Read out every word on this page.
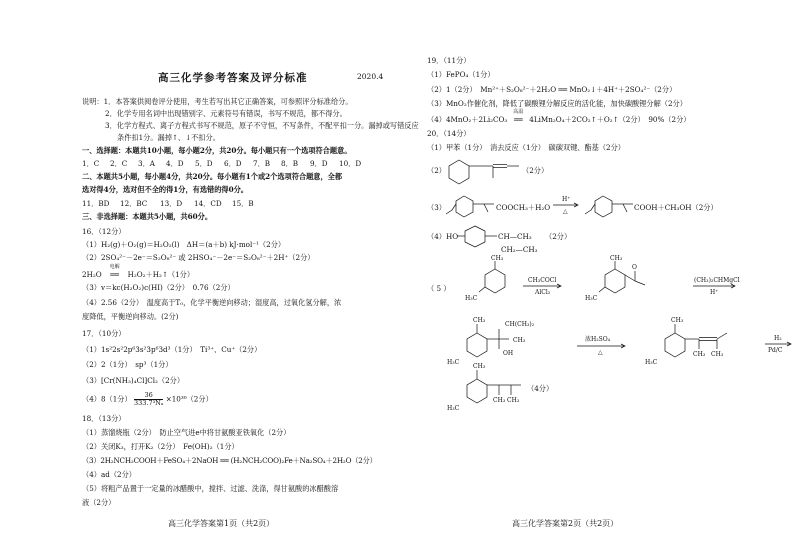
高三化学参考答案及评分标准	2020.4
说明：1．本答案供阅卷评分使用，考生若写出其它正确答案，可参照评分标准给分。
2．化学专用名词中出现错别字、元素符号有错误，书写不规范，都不得分。
3．化学方程式、离子方程式书写不规范，原子不守恒，不写条件，不配平扣一分。漏掉或写错反应
条件扣1分。漏掉↑、↓不扣分。
一、选择题：本题共10小题，每小题2分，共20分。每小题只有一个选项符合题意。
1．C 2．C 3．A 4．D 5．D 6．D 7．B 8．B 9．D 10．D
二、本题共5小题，每小题4分，共20分。每小题有1个或2个选项符合题意，全都
选对得4分，选对但不全的得1分，有选错的得0分。
11．BD 12．BC 13．D 14．CD 15．B
三、非选择题：本题共5小题，共60分。
16．（12分）
（1）H₂(g)＋O₂(g)＝H₂O₂(l)　ΔH＝(a＋b) kJ·mol⁻¹（2分）
（2）2SO₄²⁻－2e⁻＝S₂O₈²⁻ 或 2HSO₄⁻－2e⁻＝S₂O₈²⁻＋2H⁺（2分）
2H₂O
电解
══ H₂O₂＋H₂↑（1分）
（3）v＝kc(H₂O₂)c(HI)（2分）　0.76（2分）
（4）2.56（2分）　温度高于T₀，化学平衡逆向移动；湿度高，过氧化氢分解，浓
度降低，平衡逆向移动。(2分)
17．（10分）
（1）1s²2s²2p⁶3s²3p⁶3d³（1分）　Ti³⁺、Cu⁺（2分）
（2）2（1分）　sp³（1分）
（3）[Cr(NH₃)₄Cl]Cl₂（2分）
（4）8（1分） $\frac{36}{\text{333.7³Nₐ}} \times 10^{30}(2$分）
18．（13分）
（1）蒸馏烧瓶（2分）　防止空气进e中将甘氨酸亚铁氧化（2分）
（2）关闭K₃，打开K₂（2分）　Fe(OH)₂（1分）
（3）2H₂NCH₂COOH＋FeSO₄＋2NaOH ══ (H₂NCH₂COO)₂Fe＋Na₂SO₄＋2H₂O（2分）
（4）ad（2分）
（5）将粗产品置于一定量的冰醋酸中，搅拌、过滤、洗涤，得甘氨酸的冰醋酸溶
液（2分）
高三化学答案第1页（共2页）
19．（11分）
（1）FePO₄（1分）
（2）1（2分）　Mn²⁺＋S₂O₈²⁻＋2H₂O ══ MnO₂↓＋4H⁺＋2SO₄²⁻（2分）
（3）MnO₂作催化剂，降低了碳酸锂分解反应的活化能，加快碳酸锂分解（2分）
（4）4MnO₂＋2Li₂CO₃
高温
══ 4LiMn₂O₄＋2CO₂↑＋O₂↑（2分）　90%（2分）
20．（14分）
（1）甲苯（1分）　消去反应（1分）　碳碳双键、酯基（2分）
（2）	（2分）
（3）	COOCH₃＋H₂O
H⁺
△	COOH＋CH₃OH（2分）
（4） HO	CH—CH₃
CH₂—CH₃
（2分）
（ 5 ）
CH₃
H₃C
CH₃COCl
AlCl₃
CH₃
O
H₃C
(CH₃)₂CHMgCl
H⁺
CH₃
CH(CH₃)₂
CH₃
OH
H₃C
浓H₂SO₄
△
CH₃
H₃C
CH₃ CH₃
H₂
Pd/C
CH₃
CH₃ CH₃
H₃C
（4分）
高三化学答案第2页（共2页）
